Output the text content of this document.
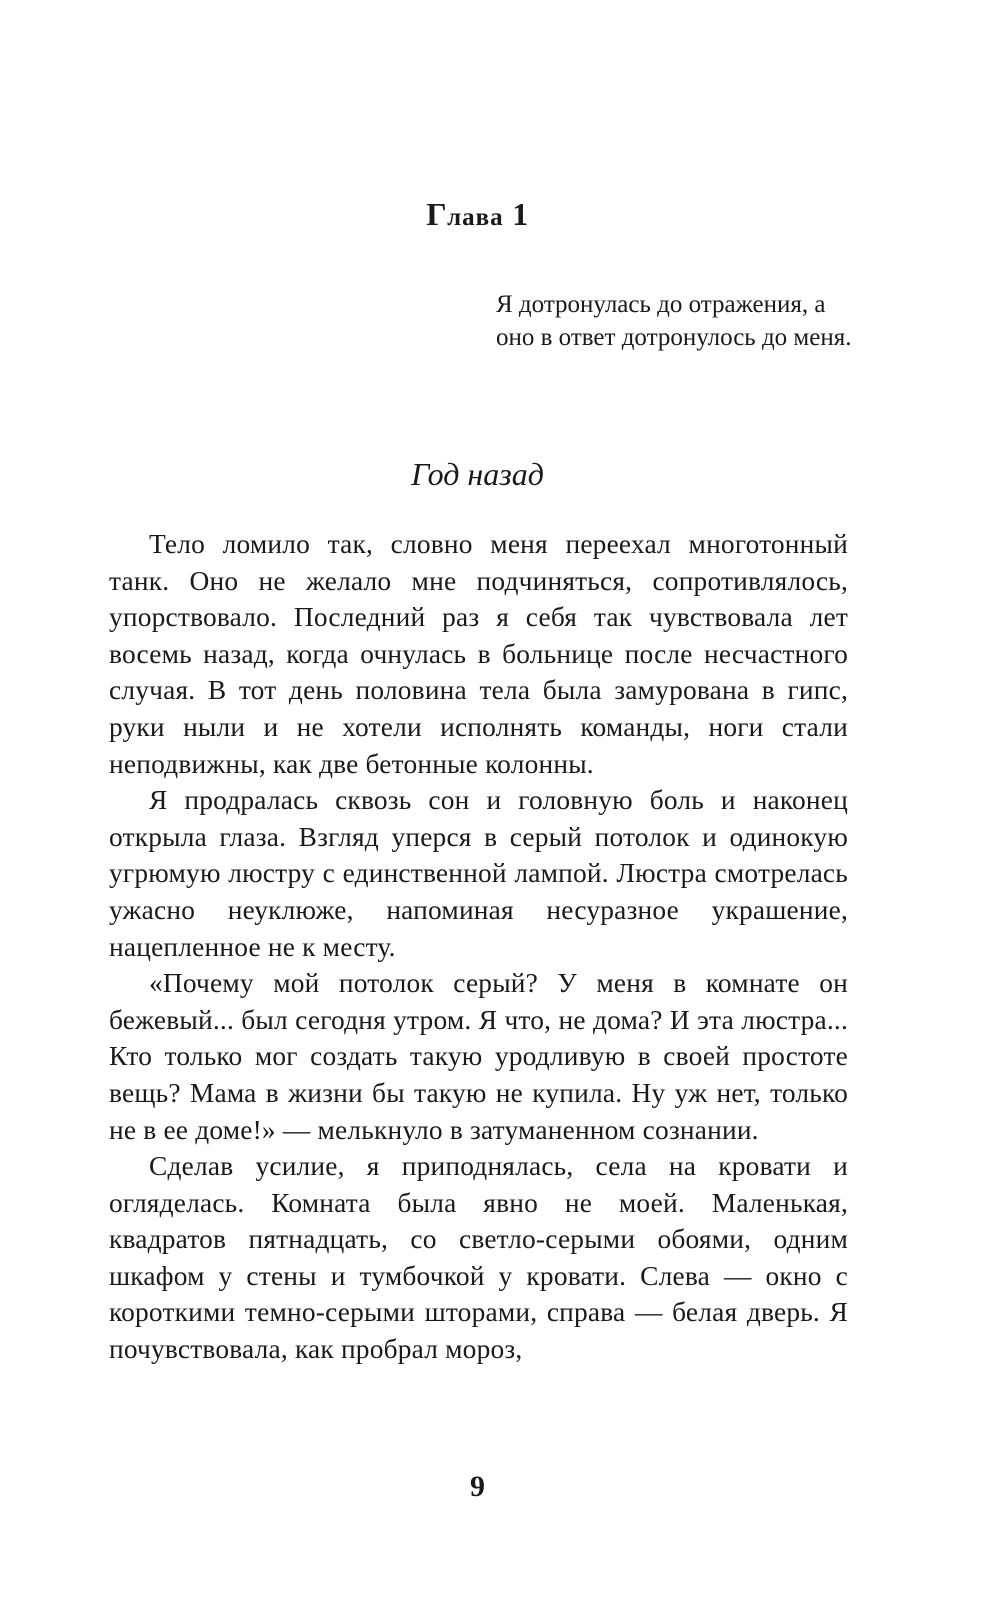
Глава 1

Я дотронулась до отражения, а оно в ответ дотронулось до меня.

Год назад

Тело ломило так, словно меня переехал многотонный танк. Оно не желало мне подчиняться, сопротивлялось, упорствовало. Последний раз я себя так чувствовала лет восемь назад, когда очнулась в больнице после несчастного случая. В тот день половина тела была замурована в гипс, руки ныли и не хотели исполнять команды, ноги стали неподвижны, как две бетонные колонны.

Я продралась сквозь сон и головную боль и наконец открыла глаза. Взгляд уперся в серый потолок и одинокую угрюмую люстру с единственной лампой. Люстра смотрелась ужасно неуклюже, напоминая несуразное украшение, нацепленное не к месту.

«Почему мой потолок серый? У меня в комнате он бежевый... был сегодня утром. Я что, не дома? И эта люстра... Кто только мог создать такую уродливую в своей простоте вещь? Мама в жизни бы такую не купила. Ну уж нет, только не в ее доме!» — мелькнуло в затуманенном сознании.

Сделав усилие, я приподнялась, села на кровати и огляделась. Комната была явно не моей. Маленькая, квадратов пятнадцать, со светло-серыми обоями, одним шкафом у стены и тумбочкой у кровати. Слева — окно с короткими темно-серыми шторами, справа — белая дверь. Я почувствовала, как пробрал мороз,

9
